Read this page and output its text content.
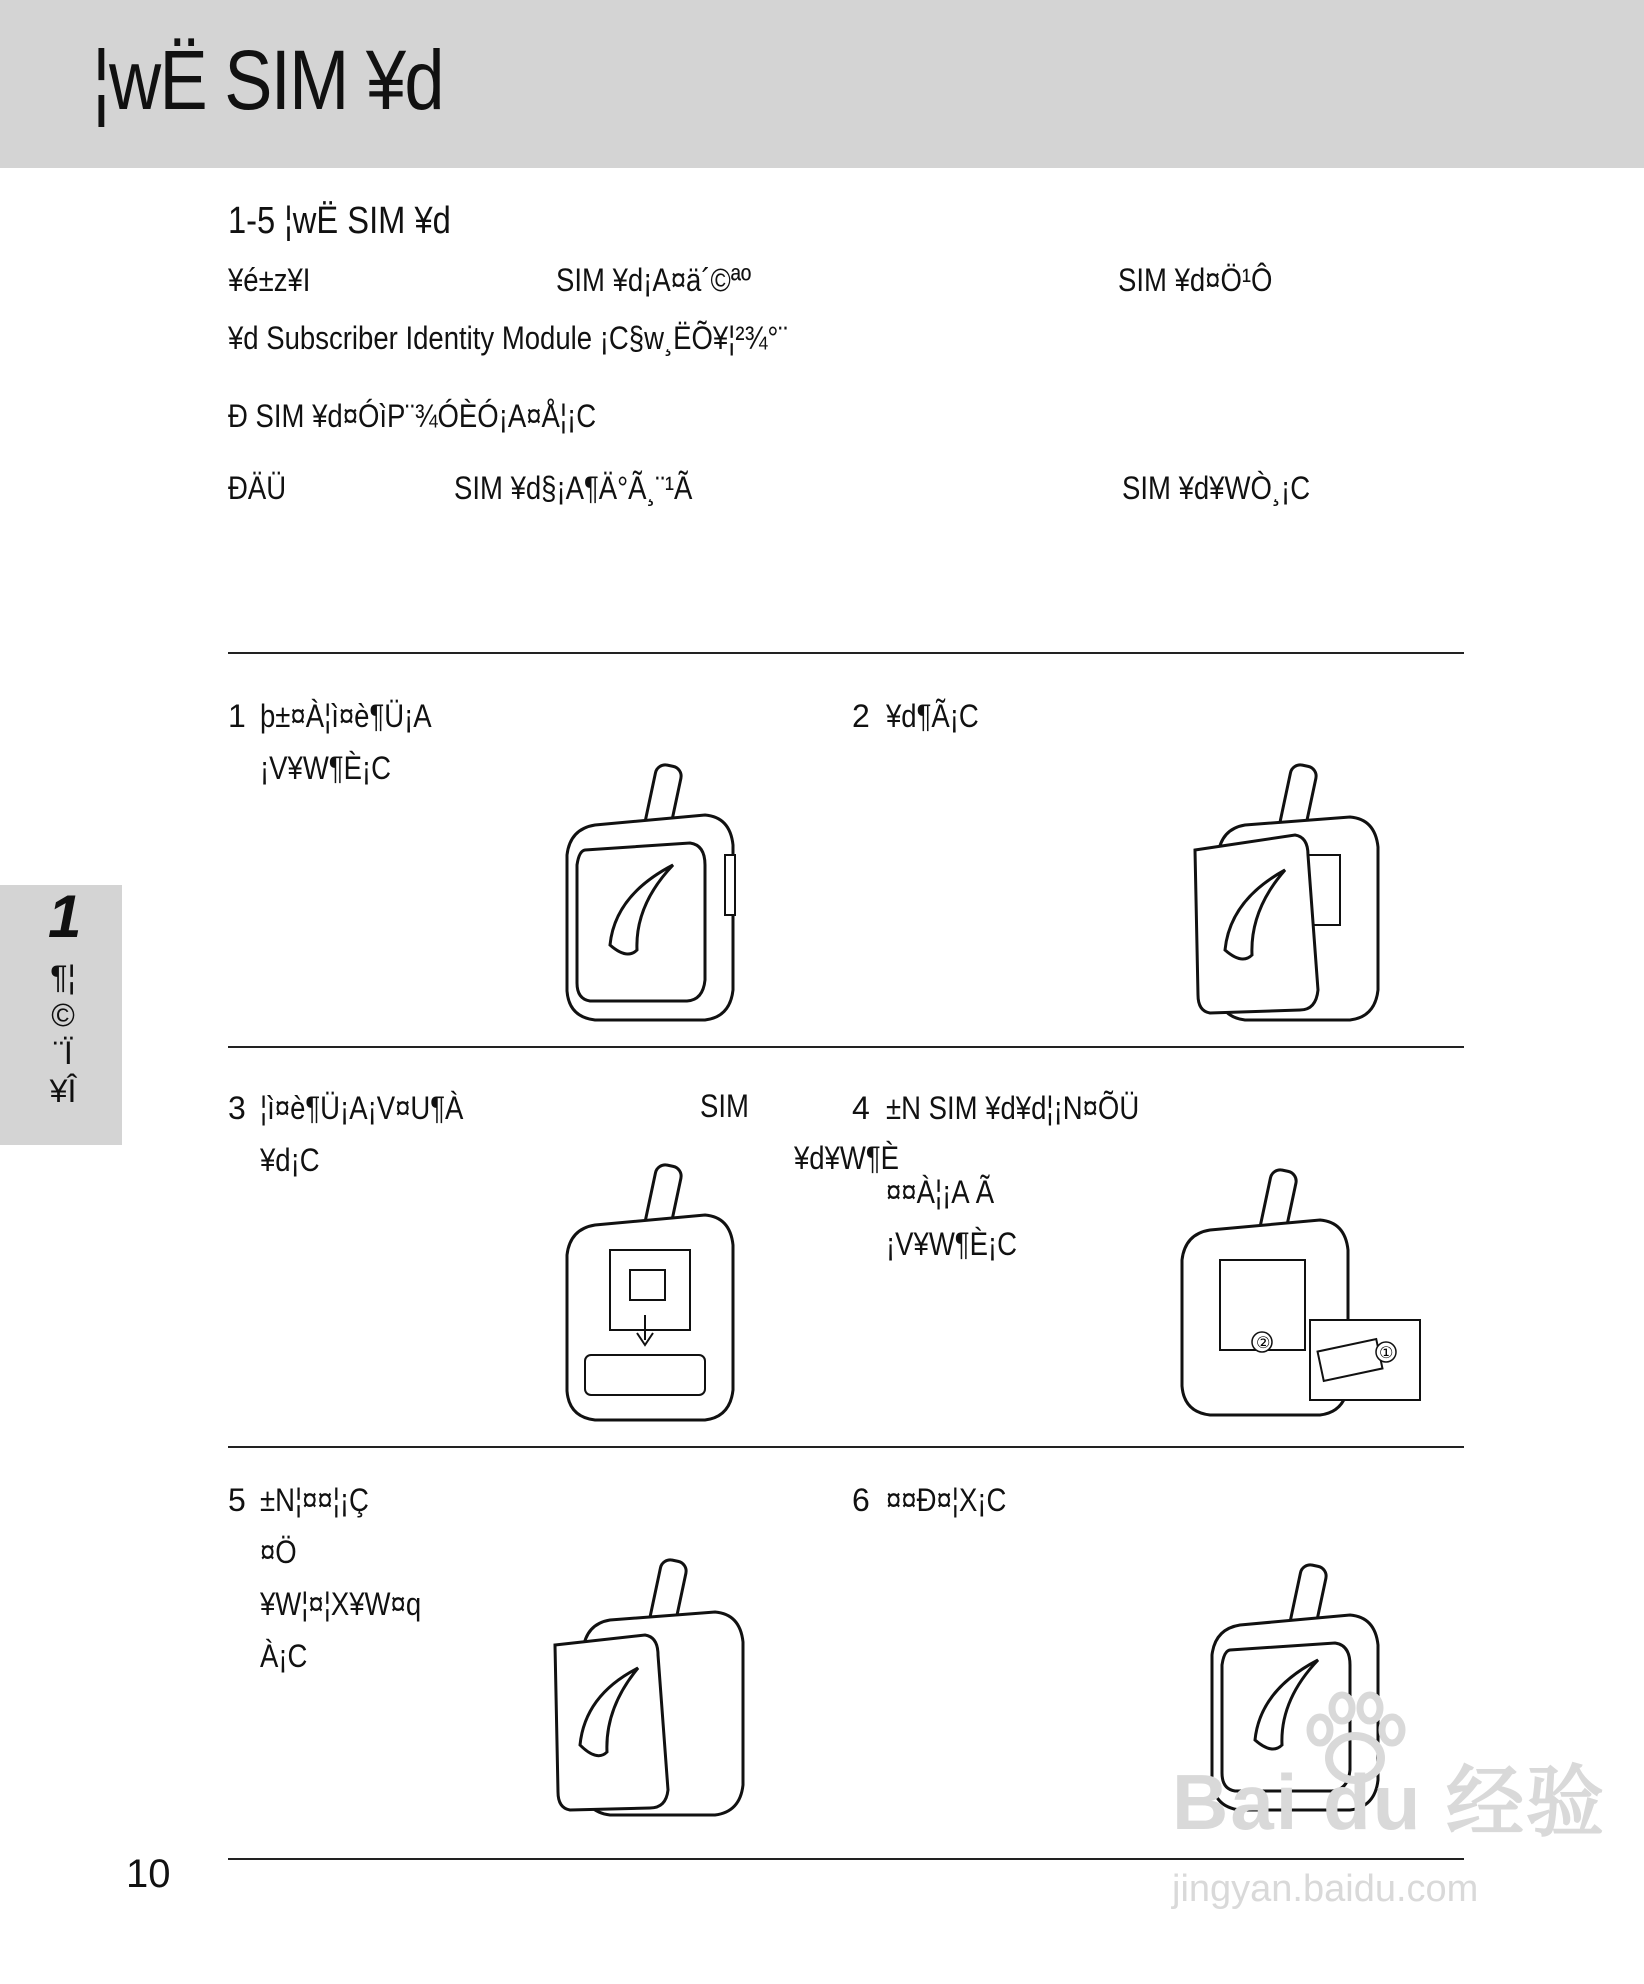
¦wË SIM ¥d
1-5 ¦wË SIM ¥d
¥é±z¥I	SIM ¥d¡A¤ä´©ªº	SIM ¥d¤Ö¹Ô
¥d Subscriber Identity Module ¡C§w¸ËÕ¥¦²¾°¨
Ð SIM ¥d¤ÓìP¨¾ÓÈÓ¡A¤Å¦¡C
ÐÄÜ	SIM ¥d§¡A¶Ä°Ã¸¨¹Ã	SIM ¥d¥WÒ¸¡C
1 þ±¤À¦ì¤è¶Ü¡A
¡V¥W¶È¡C
2 ¥d¶Ã¡C
3 ¦ì¤è¶Ü¡A¡V¤U¶À
¥d¡C
SIM
¥d¥W¶È
4 ±N SIM ¥d¥d¦¡N¤ÕÜ
¤¤À¦¡A Ã
¡V¥W¶È¡C
②
①
5 ±N¦¤¤¦¡Ç
¤Ö
¥W¦¤¦X¥W¤q
À¡C
6 ¤¤Ð¤¦X¡C
1
¶¦©¨Ï¥Î
10
Bai du 经验
jingyan.baidu.com
